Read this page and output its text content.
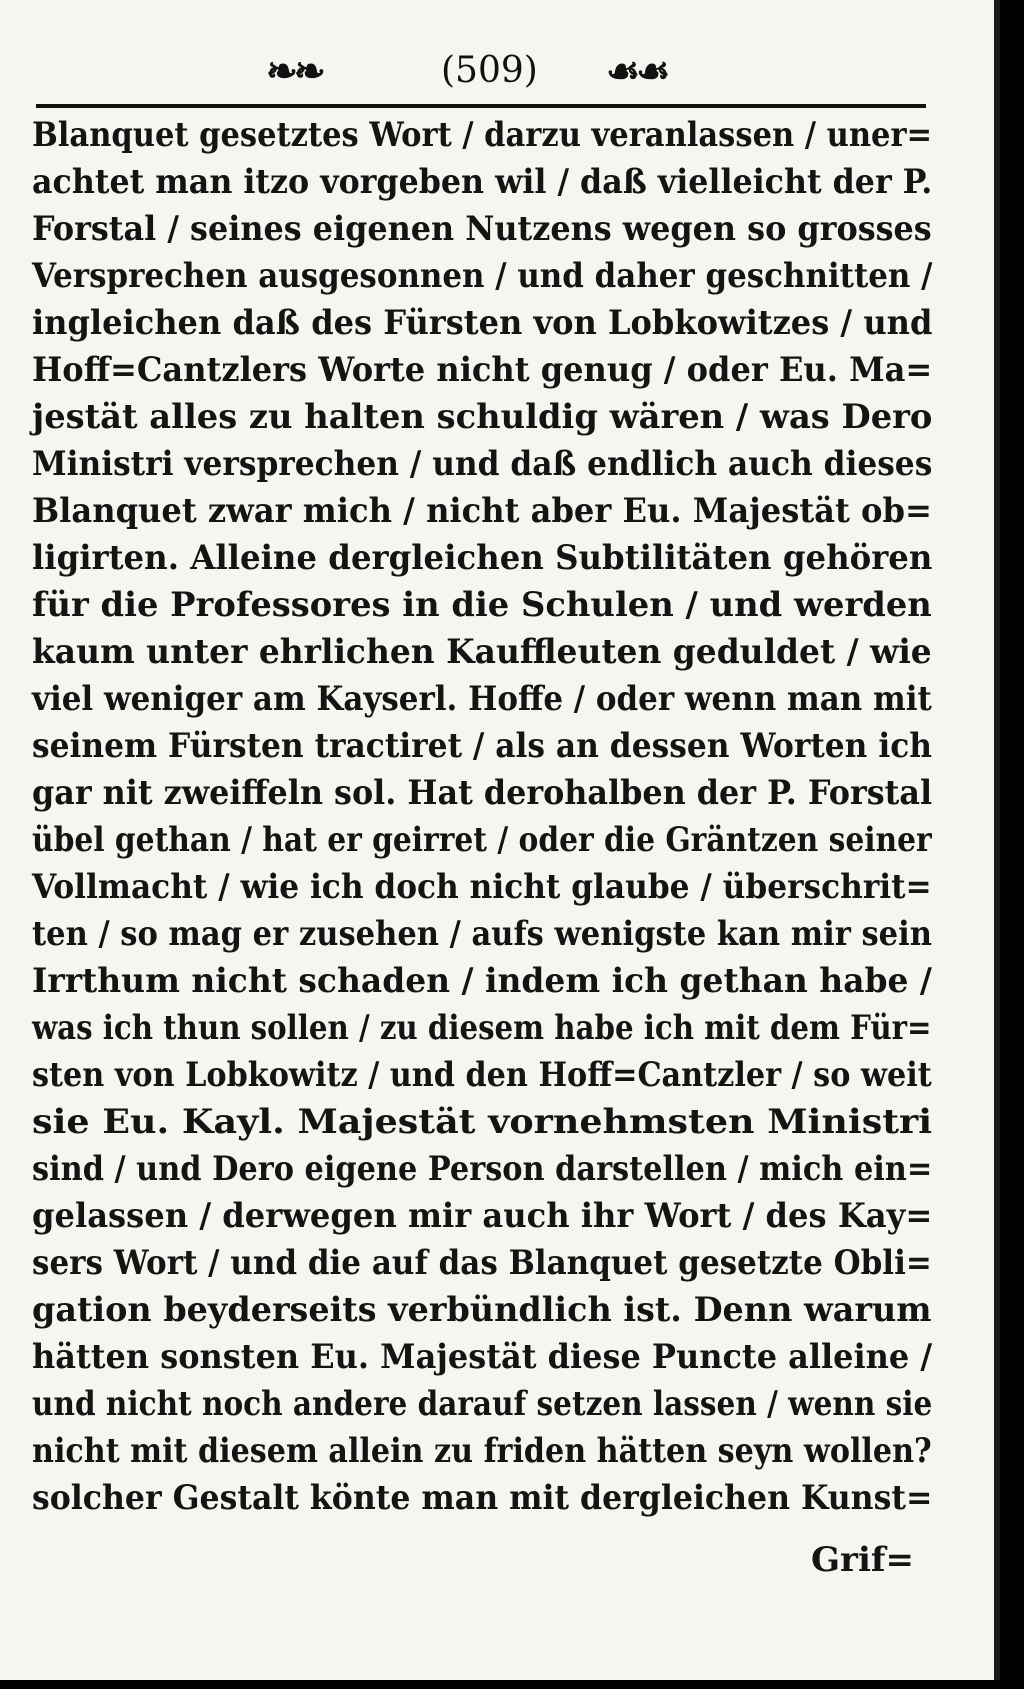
❧❧	(509) ☙☙
Blanquet gesetztes Wort / darzu veranlassen / uner=
achtet man itzo vorgeben wil / daß vielleicht der P.
Forstal / seines eigenen Nutzens wegen so grosses
Versprechen ausgesonnen / und daher geschnitten /
ingleichen daß des Fürsten von Lobkowitzes / und
Hoff=Cantzlers Worte nicht genug / oder Eu. Ma=
jestät alles zu halten schuldig wären / was Dero
Ministri versprechen / und daß endlich auch dieses
Blanquet zwar mich / nicht aber Eu. Majestät ob=
ligirten. Alleine dergleichen Subtilitäten gehören
für die Professores in die Schulen / und werden
kaum unter ehrlichen Kauffleuten geduldet / wie
viel weniger am Kayserl. Hoffe / oder wenn man mit
seinem Fürsten tractiret / als an dessen Worten ich
gar nit zweiffeln sol. Hat derohalben der P. Forstal
übel gethan / hat er geirret / oder die Gräntzen seiner
Vollmacht / wie ich doch nicht glaube / überschrit=
ten / so mag er zusehen / aufs wenigste kan mir sein
Irrthum nicht schaden / indem ich gethan habe /
was ich thun sollen / zu diesem habe ich mit dem Für=
sten von Lobkowitz / und den Hoff=Cantzler / so weit
sie Eu. Kayl. Majestät vornehmsten Ministri
sind / und Dero eigene Person darstellen / mich ein=
gelassen / derwegen mir auch ihr Wort / des Kay=
sers Wort / und die auf das Blanquet gesetzte Obli=
gation beyderseits verbündlich ist. Denn warum
hätten sonsten Eu. Majestät diese Puncte alleine /
und nicht noch andere darauf setzen lassen / wenn sie
nicht mit diesem allein zu friden hätten seyn wollen?
solcher Gestalt könte man mit dergleichen Kunst=
Grif=
